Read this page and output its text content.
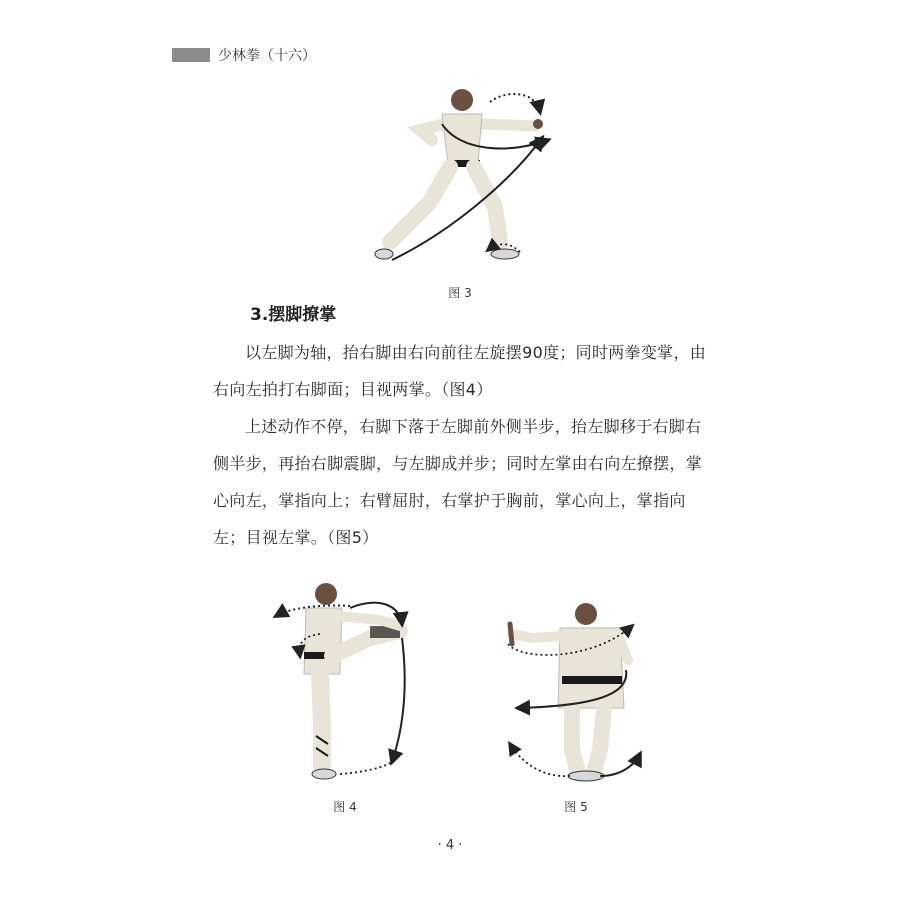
少林拳（十六）
图 3
3.摆脚撩掌

以左脚为轴，抬右脚由右向前往左旋摆90度；同时两拳变掌，由右向左拍打右脚面；目视两掌。（图4）

上述动作不停，右脚下落于左脚前外侧半步，抬左脚移于右脚右侧半步，再抬右脚震脚，与左脚成并步；同时左掌由右向左撩摆，掌心向左，掌指向上；右臂屈肘，右掌护于胸前，掌心向上，掌指向左；目视左掌。（图5）

图 4	图 5
· 4 ·
